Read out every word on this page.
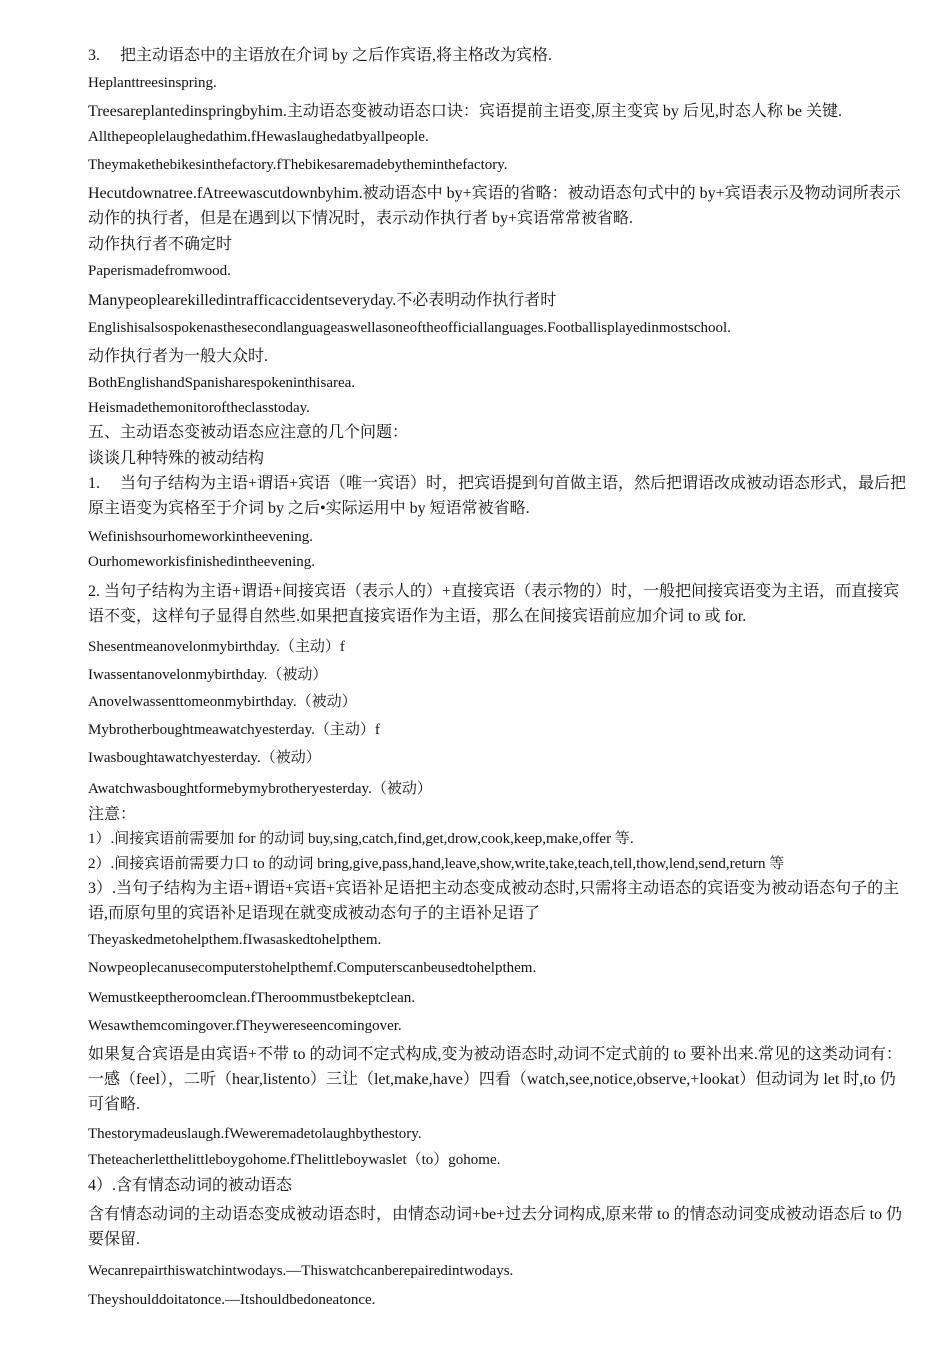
3.     把主动语态中的主语放在介词 by 之后作宾语,将主格改为宾格.
Heplanttreesinspring.
Treesareplantedinspringbyhim.主动语态变被动语态口诀：宾语提前主语变,原主变宾 by 后见,时态人称 be 关键.
Allthepeoplelaughedathim.fHewaslaughedatbyallpeople.
Theymakethebikesinthefactory.fThebikesaremadebytheminthefactory.
Hecutdownatree.fAtreewascutdownbyhim.被动语态中 by+宾语的省略：被动语态句式中的 by+宾语表示及物动词所表示动作的执行者，但是在遇到以下情况时，表示动作执行者 by+宾语常常被省略.
动作执行者不确定时
Paperismadefromwood.
Manypeoplearekilledintrafficaccidentseveryday.不必表明动作执行者时
Englishisalsospokenasthesecondlanguageaswellasoneoftheofficiallanguages.Footballisplayedinmostschool.
动作执行者为一般大众时.
BothEnglishandSpanisharespokeninthisarea.
Heismadethemonitoroftheclasstoday.
五、主动语态变被动语态应注意的几个问题：
谈谈几种特殊的被动结构
1.     当句子结构为主语+谓语+宾语（唯一宾语）时，把宾语提到句首做主语，然后把谓语改成被动语态形式，最后把原主语变为宾格至于介词 by 之后•实际运用中 by 短语常被省略.
Wefinishsourhomeworkintheevening.
Ourhomeworkisfinishedintheevening.
2. 当句子结构为主语+谓语+间接宾语（表示人的）+直接宾语（表示物的）时，一般把间接宾语变为主语，而直接宾语不变，这样句子显得自然些.如果把直接宾语作为主语，那么在间接宾语前应加介词 to 或 for.
Shesentmeanovelonmybirthday.（主动）f
Iwassentanovelonmybirthday.（被动）
Anovelwassenttomeonmybirthday.（被动）
Mybrotherboughtmeawatchyesterday.（主动）f
Iwasboughtawatchyesterday.（被动）
Awatchwasboughtformebymybrotheryesterday.（被动）
注意：
1）.间接宾语前需要加 for 的动词 buy,sing,catch,find,get,drow,cook,keep,make,offer 等.
2）.间接宾语前需要力口 to 的动词 bring,give,pass,hand,leave,show,write,take,teach,tell,thow,lend,send,return 等
3）.当句子结构为主语+谓语+宾语+宾语补足语把主动态变成被动态时,只需将主动语态的宾语变为被动语态句子的主语,而原句里的宾语补足语现在就变成被动态句子的主语补足语了
Theyaskedmetohelpthem.fIwasaskedtohelpthem.
Nowpeoplecanusecomputerstohelpthemf.Computerscanbeusedtohelpthem.
Wemustkeeptheroomclean.fTheroommustbekeptclean.
Wesawthemcomingover.fTheywereseencomingover.
如果复合宾语是由宾语+不带 to 的动词不定式构成,变为被动语态时,动词不定式前的 to 要补出来.常见的这类动词有：一感（feel），二听（hear,listento）三让（let,make,have）四看（watch,see,notice,observe,+lookat）但动词为 let 时,to 仍可省略.
Thestorymadeuslaugh.fWeweremadetolaughbythestory.
Theteacherletthelittleboygohome.fThelittleboywaslet（to）gohome.
4）.含有情态动词的被动语态
含有情态动词的主动语态变成被动语态时，由情态动词+be+过去分词构成,原来带 to 的情态动词变成被动语态后 to 仍要保留.
Wecanrepairthiswatchintwodays.—Thiswatchcanberepairedintwodays.
Theyshoulddoitatonce.—Itshouldbedoneatonce.
